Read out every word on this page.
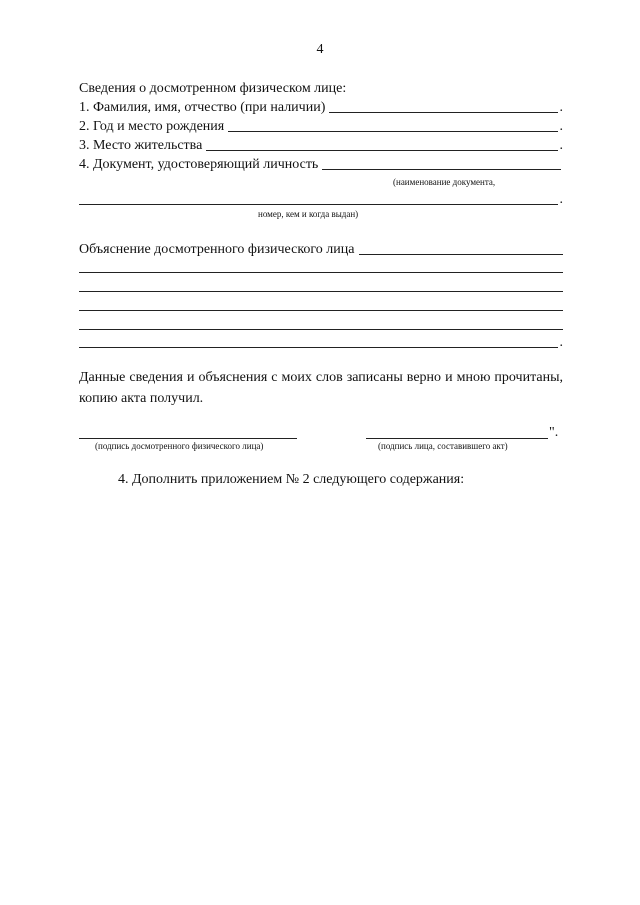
4
Сведения о досмотренном физическом лице:
1. Фамилия, имя, отчество (при наличии)	.
2. Год и место рождения	.
3. Место жительства	.
4. Документ, удостоверяющий личность
(наименование документа,
.
номер, кем и когда выдан)
Объяснение досмотренного физического лица
.
Данные сведения и объяснения с моих слов записаны верно и мною прочитаны, копию акта получил.
(подпись досмотренного физического лица)
".
(подпись лица, составившего акт)
4. Дополнить приложением № 2 следующего содержания:
